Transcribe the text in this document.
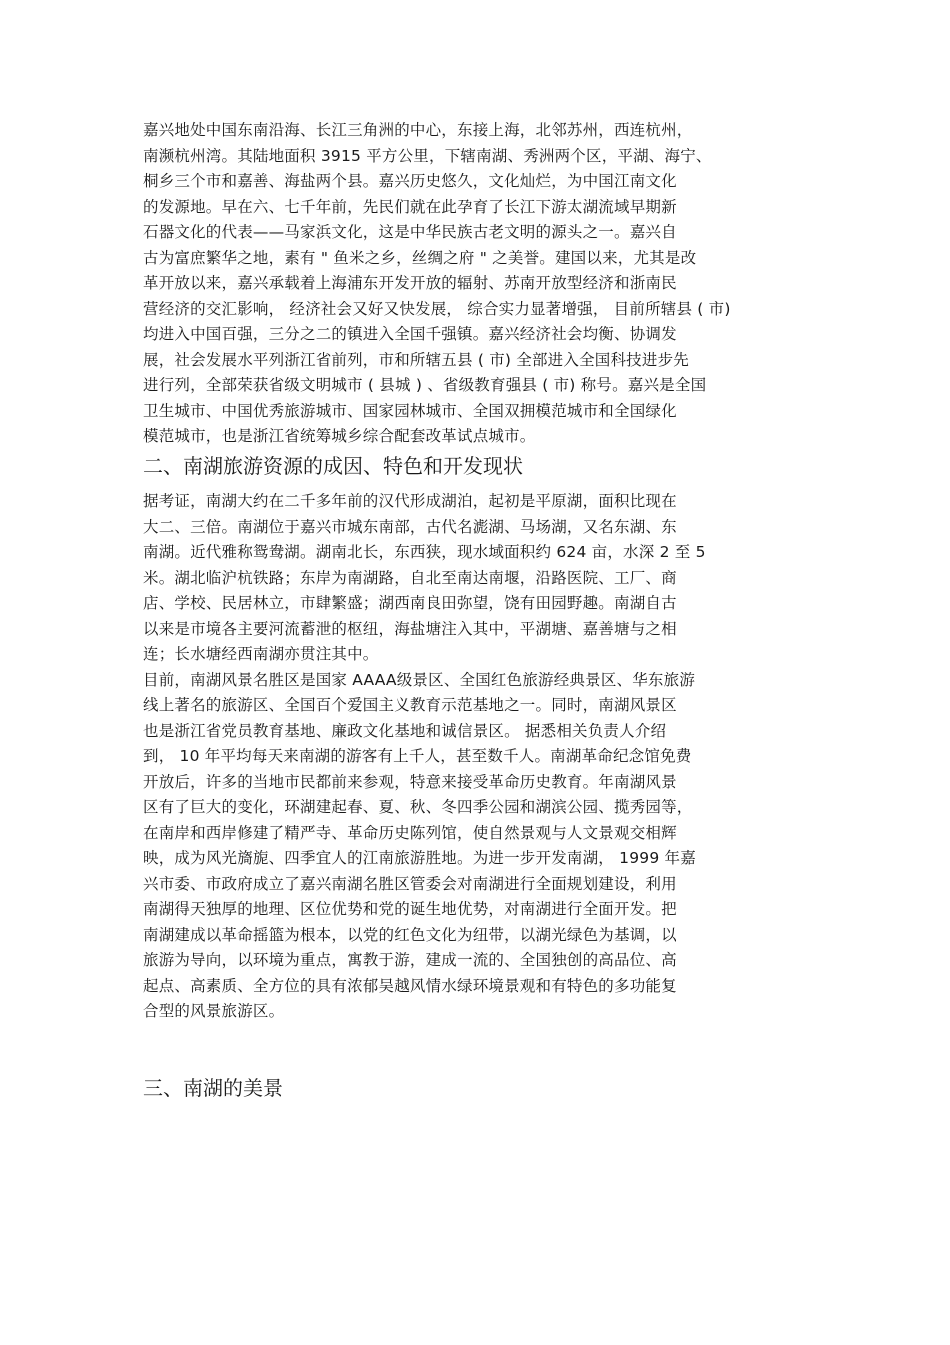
嘉兴地处中国东南沿海、长江三角洲的中心，东接上海，北邻苏州，西连杭州，
南濒杭州湾。其陆地面积 3915 平方公里，下辖南湖、秀洲两个区，平湖、海宁、
桐乡三个市和嘉善、海盐两个县。嘉兴历史悠久，文化灿烂，为中国江南文化
的发源地。早在六、七千年前，先民们就在此孕育了长江下游太湖流域早期新
石器文化的代表——马家浜文化，这是中华民族古老文明的源头之一。嘉兴自
古为富庶繁华之地，素有 " 鱼米之乡，丝绸之府 " 之美誉。建国以来，尤其是改
革开放以来，嘉兴承载着上海浦东开发开放的辐射、苏南开放型经济和浙南民
营经济的交汇影响， 经济社会又好又快发展， 综合实力显著增强， 目前所辖县 ( 市)
均进入中国百强，三分之二的镇进入全国千强镇。嘉兴经济社会均衡、协调发
展，社会发展水平列浙江省前列，市和所辖五县 ( 市) 全部进入全国科技进步先
进行列，全部荣获省级文明城市 ( 县城 ) 、省级教育强县 ( 市) 称号。嘉兴是全国
卫生城市、中国优秀旅游城市、国家园林城市、全国双拥模范城市和全国绿化
模范城市，也是浙江省统筹城乡综合配套改革试点城市。
二、南湖旅游资源的成因、特色和开发现状
据考证，南湖大约在二千多年前的汉代形成湖泊，起初是平原湖，面积比现在
大二、三倍。南湖位于嘉兴市城东南部，古代名滮湖、马场湖，又名东湖、东
南湖。近代雅称鸳鸯湖。湖南北长，东西狭，现水域面积约 624 亩，水深 2 至 5
米。湖北临沪杭铁路；东岸为南湖路，自北至南达南堰，沿路医院、工厂、商
店、学校、民居林立，市肆繁盛；湖西南良田弥望，饶有田园野趣。南湖自古
以来是市境各主要河流蓄泄的枢纽，海盐塘注入其中，平湖塘、嘉善塘与之相
连；长水塘经西南湖亦贯注其中。
目前，南湖风景名胜区是国家 AAAA级景区、全国红色旅游经典景区、华东旅游
线上著名的旅游区、全国百个爱国主义教育示范基地之一。同时，南湖风景区
也是浙江省党员教育基地、廉政文化基地和诚信景区。 据悉相关负责人介绍
到， 10 年平均每天来南湖的游客有上千人，甚至数千人。南湖革命纪念馆免费
开放后，许多的当地市民都前来参观，特意来接受革命历史教育。年南湖风景
区有了巨大的变化，环湖建起春、夏、秋、冬四季公园和湖滨公园、揽秀园等，
在南岸和西岸修建了精严寺、革命历史陈列馆，使自然景观与人文景观交相辉
映，成为风光旖旎、四季宜人的江南旅游胜地。为进一步开发南湖， 1999 年嘉
兴市委、市政府成立了嘉兴南湖名胜区管委会对南湖进行全面规划建设，利用
南湖得天独厚的地理、区位优势和党的诞生地优势，对南湖进行全面开发。把
南湖建成以革命摇篮为根本，以党的红色文化为纽带，以湖光绿色为基调，以
旅游为导向，以环境为重点，寓教于游，建成一流的、全国独创的高品位、高
起点、高素质、全方位的具有浓郁吴越风情水绿环境景观和有特色的多功能复
合型的风景旅游区。
三、南湖的美景
